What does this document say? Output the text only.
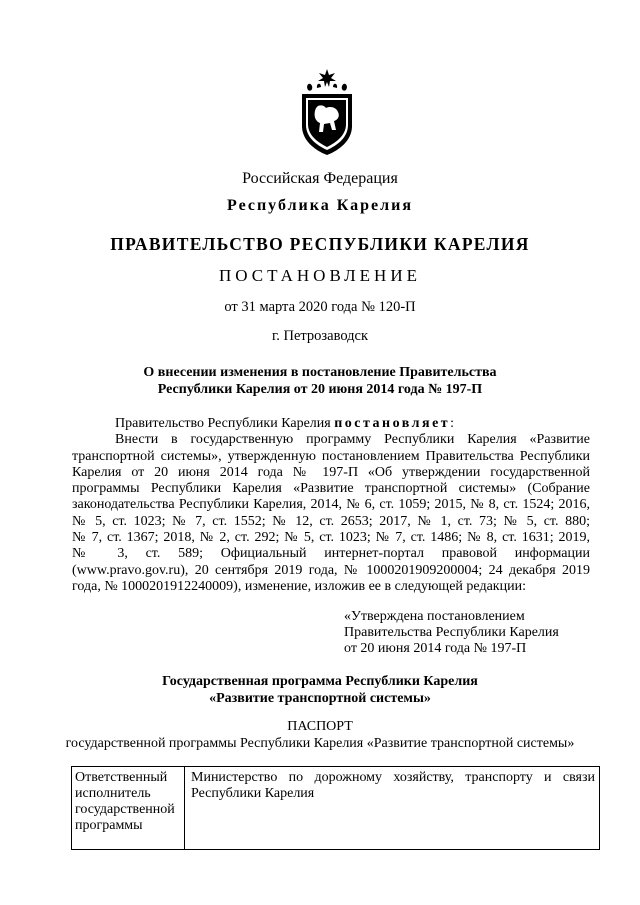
Российская Федерация
Республика Карелия
ПРАВИТЕЛЬСТВО РЕСПУБЛИКИ КАРЕЛИЯ
ПОСТАНОВЛЕНИЕ
от 31 марта 2020 года № 120-П
г. Петрозаводск
О внесении изменения в постановление Правительства
Республики Карелия от 20 июня 2014 года № 197-П
Правительство Республики Карелия постановляет:
Внести в государственную программу Республики Карелия «Развитие
транспортной системы», утвержденную постановлением Правительства Республики
Карелия от 20 июня 2014 года № 197-П «Об утверждении государственной
программы Республики Карелия «Развитие транспортной системы» (Собрание
законодательства Республики Карелия, 2014, № 6, ст. 1059; 2015, № 8, ст. 1524; 2016,
№ 5, ст. 1023; № 7, ст. 1552; № 12, ст. 2653; 2017, № 1, ст. 73; № 5, ст. 880;
№ 7, ст. 1367; 2018, № 2, ст. 292; № 5, ст. 1023; № 7, ст. 1486; № 8, ст. 1631; 2019,
№ 3, ст. 589; Официальный интернет-портал правовой информации
(www.pravo.gov.ru), 20 сентября 2019 года, № 1000201909200004; 24 декабря 2019
года, № 1000201912240009), изменение, изложив ее в следующей редакции:
«Утверждена постановлением
Правительства Республики Карелия
от 20 июня 2014 года № 197-П
Государственная программа Республики Карелия
«Развитие транспортной системы»
ПАСПОРТ
государственной программы Республики Карелия «Развитие транспортной системы»
Ответственный
исполнитель
государственной
программы
Министерство по дорожному хозяйству, транспорту и связи
Республики Карелия
